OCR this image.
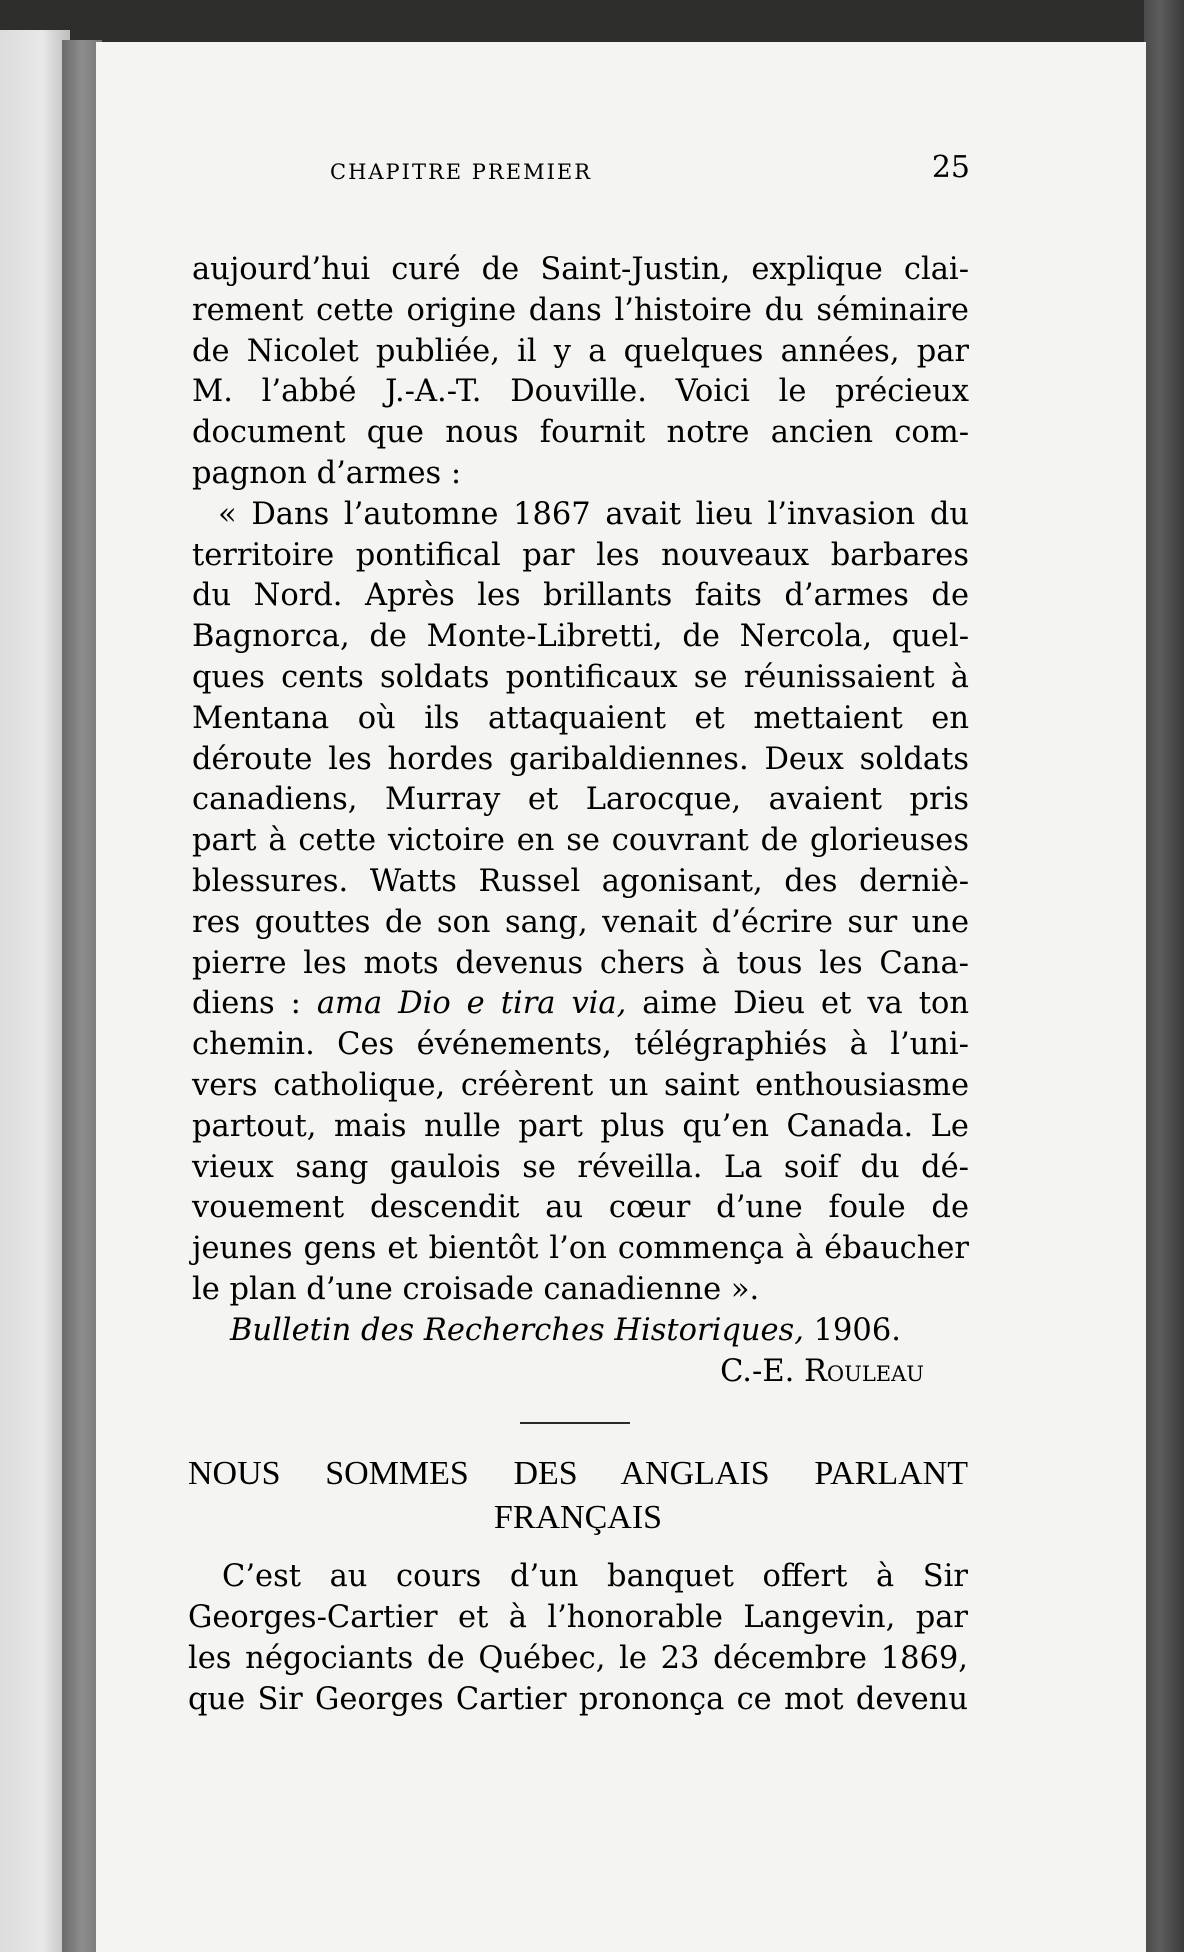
CHAPITRE PREMIER	25
aujourd’hui curé de Saint-Justin, explique clai-
rement cette origine dans l’histoire du séminaire
de Nicolet publiée, il y a quelques années, par
M. l’abbé J.-A.-T. Douville. Voici le précieux
document que nous fournit notre ancien com-
pagnon d’armes :
« Dans l’automne 1867 avait lieu l’invasion du
territoire pontifical par les nouveaux barbares
du Nord. Après les brillants faits d’armes de
Bagnorca, de Monte-Libretti, de Nercola, quel-
ques cents soldats pontificaux se réunissaient à
Mentana où ils attaquaient et mettaient en
déroute les hordes garibaldiennes. Deux soldats
canadiens, Murray et Larocque, avaient pris
part à cette victoire en se couvrant de glorieuses
blessures. Watts Russel agonisant, des derniè-
res gouttes de son sang, venait d’écrire sur une
pierre les mots devenus chers à tous les Cana-
diens : ama Dio e tira via, aime Dieu et va ton
chemin. Ces événements, télégraphiés à l’uni-
vers catholique, créèrent un saint enthousiasme
partout, mais nulle part plus qu’en Canada. Le
vieux sang gaulois se réveilla. La soif du dé-
vouement descendit au cœur d’une foule de
jeunes gens et bientôt l’on commença à ébaucher
le plan d’une croisade canadienne ».
Bulletin des Recherches Historiques, 1906.
C.-E. Rouleau
NOUS SOMMES DES ANGLAIS PARLANT
FRANÇAIS
C’est au cours d’un banquet offert à Sir
Georges-Cartier et à l’honorable Langevin, par
les négociants de Québec, le 23 décembre 1869,
que Sir Georges Cartier prononça ce mot devenu
